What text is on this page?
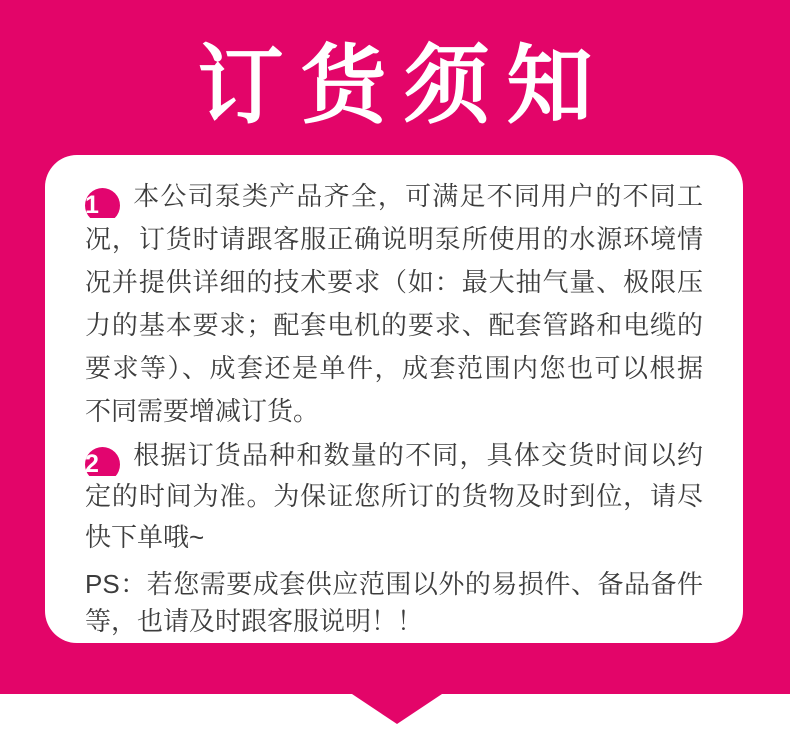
订货须知
1 本公司泵类产品齐全，可满足不同用户的不同工
况，订货时请跟客服正确说明泵所使用的水源环境情
况并提供详细的技术要求（如：最大抽气量、极限压
力的基本要求；配套电机的要求、配套管路和电缆的
要求等）、成套还是单件，成套范围内您也可以根据
不同需要增减订货。
2 根据订货品种和数量的不同，具体交货时间以约
定的时间为准。为保证您所订的货物及时到位，请尽
快下单哦~
PS：若您需要成套供应范围以外的易损件、备品备件
等，也请及时跟客服说明！！
